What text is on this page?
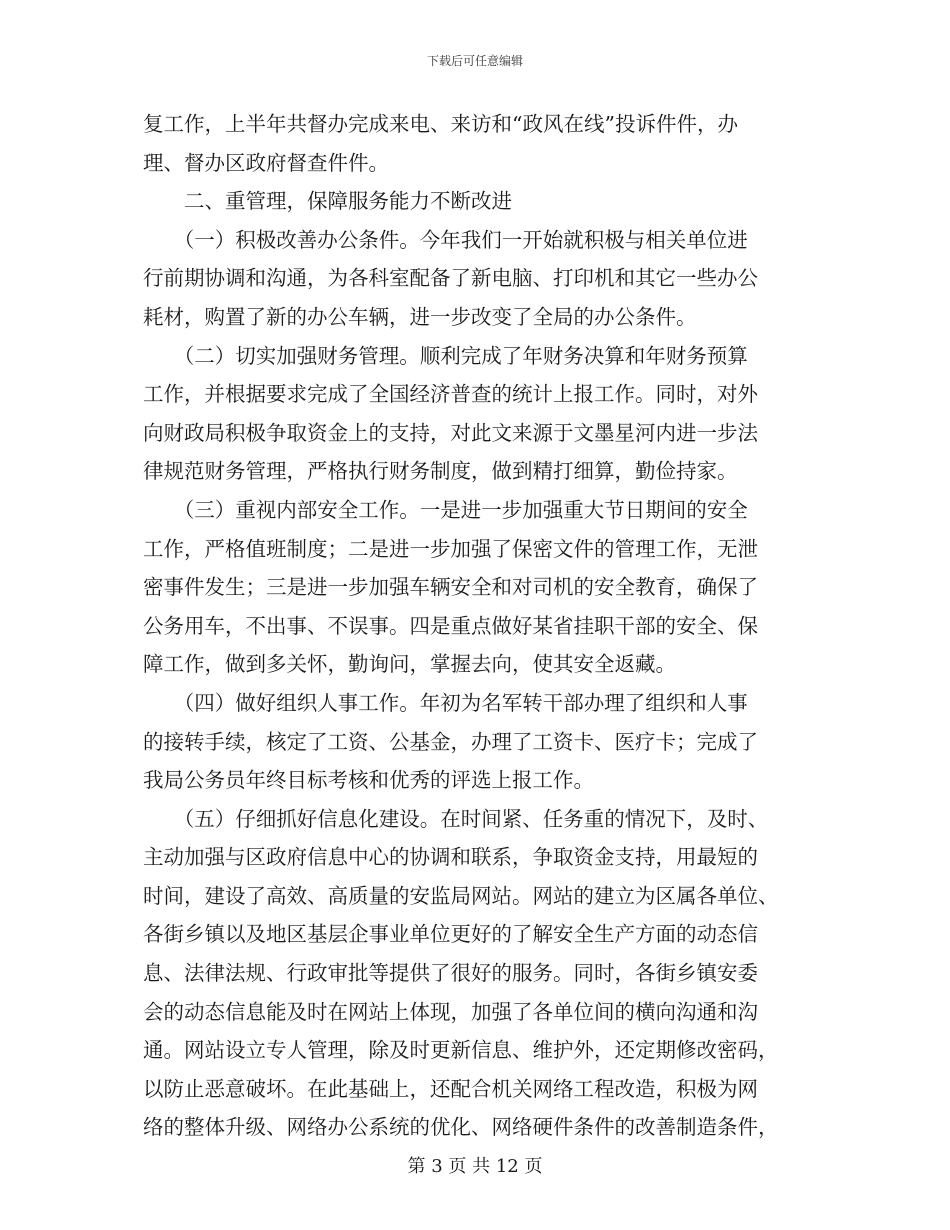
下载后可任意编辑
复工作，上半年共督办完成来电、来访和“政风在线”投诉件件，办
理、督办区政府督查件件。
　　二、重管理，保障服务能力不断改进
　　（一）积极改善办公条件。今年我们一开始就积极与相关单位进
行前期协调和沟通，为各科室配备了新电脑、打印机和其它一些办公
耗材，购置了新的办公车辆，进一步改变了全局的办公条件。
　　（二）切实加强财务管理。顺利完成了年财务决算和年财务预算
工作，并根据要求完成了全国经济普查的统计上报工作。同时，对外
向财政局积极争取资金上的支持，对此文来源于文墨星河内进一步法
律规范财务管理，严格执行财务制度，做到精打细算，勤俭持家。
　　（三）重视内部安全工作。一是进一步加强重大节日期间的安全
工作，严格值班制度；二是进一步加强了保密文件的管理工作，无泄
密事件发生；三是进一步加强车辆安全和对司机的安全教育，确保了
公务用车，不出事、不误事。四是重点做好某省挂职干部的安全、保
障工作，做到多关怀，勤询问，掌握去向，使其安全返藏。
　　（四）做好组织人事工作。年初为名军转干部办理了组织和人事
的接转手续，核定了工资、公基金，办理了工资卡、医疗卡；完成了
我局公务员年终目标考核和优秀的评选上报工作。
　　（五）仔细抓好信息化建设。在时间紧、任务重的情况下，及时、
主动加强与区政府信息中心的协调和联系，争取资金支持，用最短的
时间，建设了高效、高质量的安监局网站。网站的建立为区属各单位、
各街乡镇以及地区基层企事业单位更好的了解安全生产方面的动态信
息、法律法规、行政审批等提供了很好的服务。同时，各街乡镇安委
会的动态信息能及时在网站上体现，加强了各单位间的横向沟通和沟
通。网站设立专人管理，除及时更新信息、维护外，还定期修改密码，
以防止恶意破坏。在此基础上，还配合机关网络工程改造，积极为网
络的整体升级、网络办公系统的优化、网络硬件条件的改善制造条件，
第 3 页 共 12 页
